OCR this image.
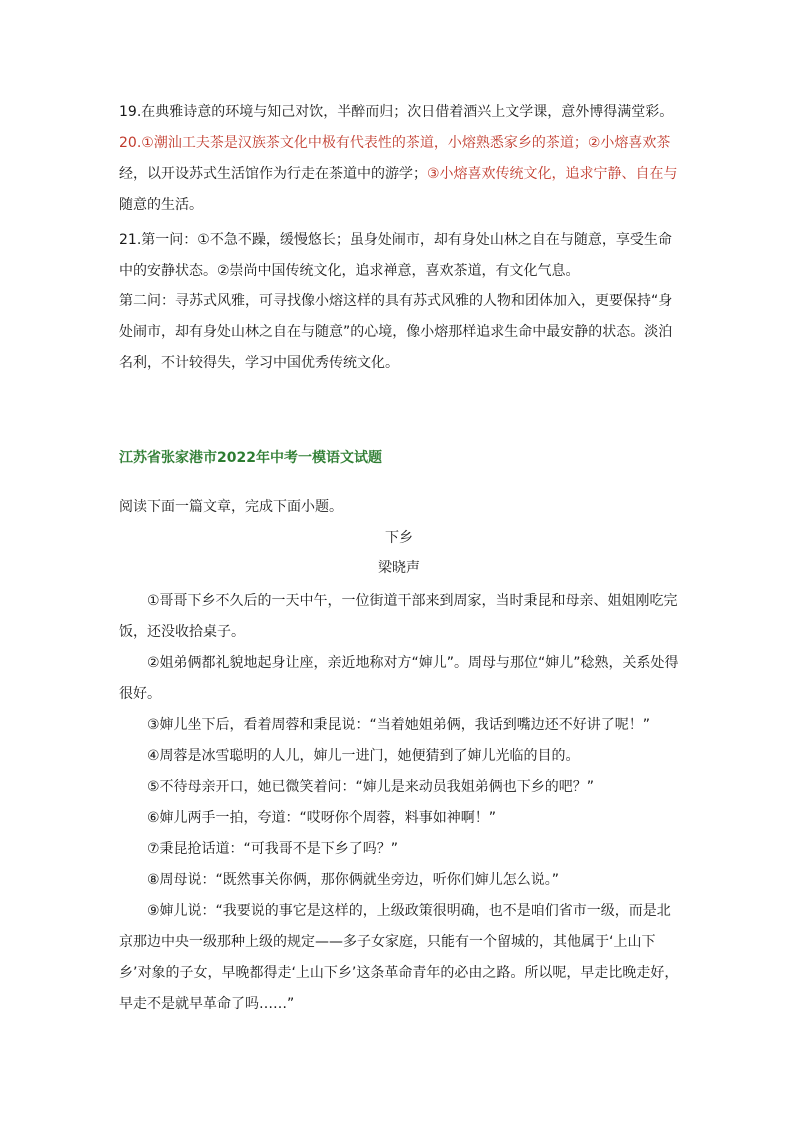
19.在典雅诗意的环境与知己对饮，半醉而归；次日借着酒兴上文学课，意外博得满堂彩。

20.①潮汕工夫茶是汉族茶文化中极有代表性的茶道，小熔熟悉家乡的茶道；②小熔喜欢茶
经，以开设苏式生活馆作为行走在茶道中的游学；③小熔喜欢传统文化，追求宁静、自在与
随意的生活。

21.第一问：①不急不躁，缓慢悠长；虽身处闹市，却有身处山林之自在与随意，享受生命中的安静状态。②崇尚中国传统文化，追求禅意，喜欢茶道，有文化气息。

第二问：寻苏式风雅，可寻找像小熔这样的具有苏式风雅的人物和团体加入，更要保持“身处闹市，却有身处山林之自在与随意”的心境，像小熔那样追求生命中最安静的状态。淡泊名利，不计较得失，学习中国优秀传统文化。

江苏省张家港市2022年中考一模语文试题

阅读下面一篇文章，完成下面小题。

下乡

梁晓声

①哥哥下乡不久后的一天中午，一位街道干部来到周家，当时秉昆和母亲、姐姐刚吃完饭，还没收拾桌子。

②姐弟俩都礼貌地起身让座，亲近地称对方“婶儿”。周母与那位“婶儿”稔熟，关系处得很好。

③婶儿坐下后，看着周蓉和秉昆说：“当着她姐弟俩，我话到嘴边还不好讲了呢！”

④周蓉是冰雪聪明的人儿，婶儿一进门，她便猜到了婶儿光临的目的。

⑤不待母亲开口，她已微笑着问：“婶儿是来动员我姐弟俩也下乡的吧？”

⑥婶儿两手一拍，夸道：“哎呀你个周蓉，料事如神啊！”

⑦秉昆抢话道：“可我哥不是下乡了吗？”

⑧周母说：“既然事关你俩，那你俩就坐旁边，听你们婶儿怎么说。”

⑨婶儿说：“我要说的事它是这样的，上级政策很明确，也不是咱们省市一级，而是北京那边中央一级那种上级的规定——多子女家庭，只能有一个留城的，其他属于‘上山下乡’对象的子女，早晚都得走‘上山下乡’这条革命青年的必由之路。所以呢，早走比晚走好，早走不是就早革命了吗……”
